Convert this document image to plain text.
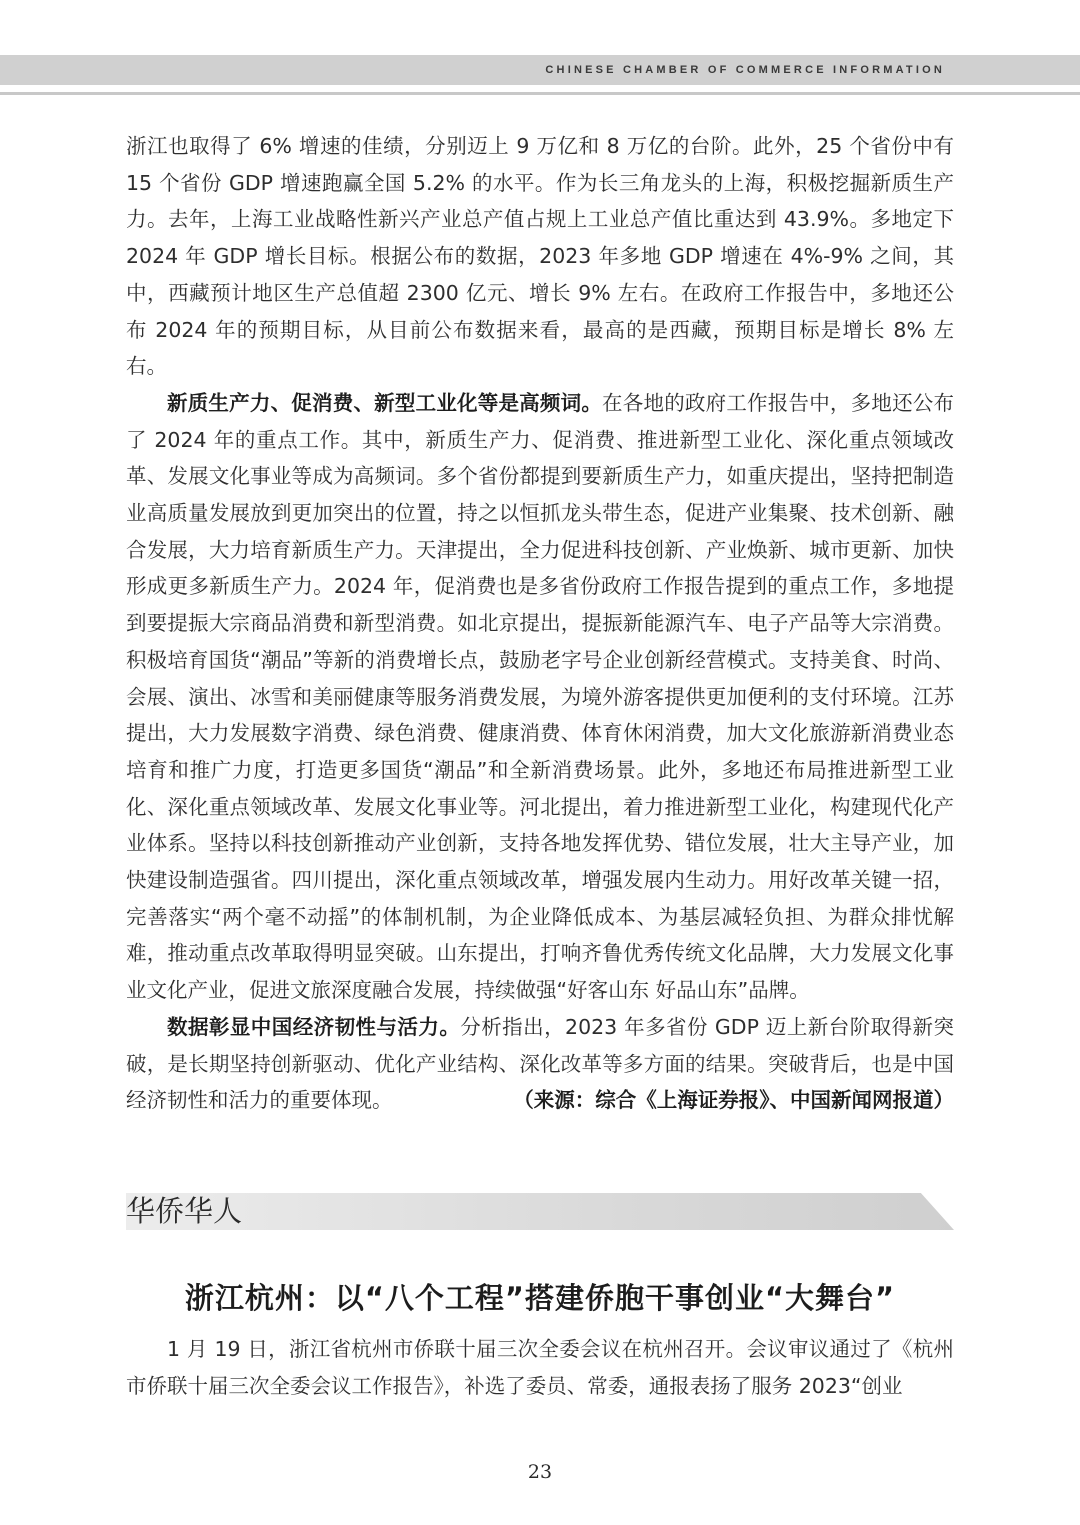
CHINESE CHAMBER OF COMMERCE INFORMATION

浙江也取得了 6% 增速的佳绩，分别迈上 9 万亿和 8 万亿的台阶。此外，25 个省份中有 15 个省份 GDP 增速跑赢全国 5.2% 的水平。作为长三角龙头的上海，积极挖掘新质生产力。去年，上海工业战略性新兴产业总产值占规上工业总产值比重达到 43.9%。多地定下 2024 年 GDP 增长目标。根据公布的数据，2023 年多地 GDP 增速在 4%-9% 之间，其中，西藏预计地区生产总值超 2300 亿元、增长 9% 左右。在政府工作报告中，多地还公布 2024 年的预期目标，从目前公布数据来看，最高的是西藏，预期目标是增长 8% 左右。

新质生产力、促消费、新型工业化等是高频词。在各地的政府工作报告中，多地还公布了 2024 年的重点工作。其中，新质生产力、促消费、推进新型工业化、深化重点领域改革、发展文化事业等成为高频词。多个省份都提到要新质生产力，如重庆提出，坚持把制造业高质量发展放到更加突出的位置，持之以恒抓龙头带生态，促进产业集聚、技术创新、融合发展，大力培育新质生产力。天津提出，全力促进科技创新、产业焕新、城市更新、加快形成更多新质生产力。2024 年，促消费也是多省份政府工作报告提到的重点工作，多地提到要提振大宗商品消费和新型消费。如北京提出，提振新能源汽车、电子产品等大宗消费。积极培育国货“潮品”等新的消费增长点，鼓励老字号企业创新经营模式。支持美食、时尚、会展、演出、冰雪和美丽健康等服务消费发展，为境外游客提供更加便利的支付环境。江苏提出，大力发展数字消费、绿色消费、健康消费、体育休闲消费，加大文化旅游新消费业态培育和推广力度，打造更多国货“潮品”和全新消费场景。此外，多地还布局推进新型工业化、深化重点领域改革、发展文化事业等。河北提出，着力推进新型工业化，构建现代化产业体系。坚持以科技创新推动产业创新，支持各地发挥优势、错位发展，壮大主导产业，加快建设制造强省。四川提出，深化重点领域改革，增强发展内生动力。用好改革关键一招，完善落实“两个毫不动摇”的体制机制，为企业降低成本、为基层减轻负担、为群众排忧解难，推动重点改革取得明显突破。山东提出，打响齐鲁优秀传统文化品牌，大力发展文化事业文化产业，促进文旅深度融合发展，持续做强“好客山东 好品山东”品牌。

数据彰显中国经济韧性与活力。分析指出，2023 年多省份 GDP 迈上新台阶取得新突破，是长期坚持创新驱动、优化产业结构、深化改革等多方面的结果。突破背后，也是中国经济韧性和活力的重要体现。	（来源：综合《上海证券报》、中国新闻网报道）

华侨华人
浙江杭州：以“八个工程”搭建侨胞干事创业“大舞台”

1 月 19 日，浙江省杭州市侨联十届三次全委会议在杭州召开。会议审议通过了《杭州市侨联十届三次全委会议工作报告》，补选了委员、常委，通报表扬了服务 2023“创业

23
